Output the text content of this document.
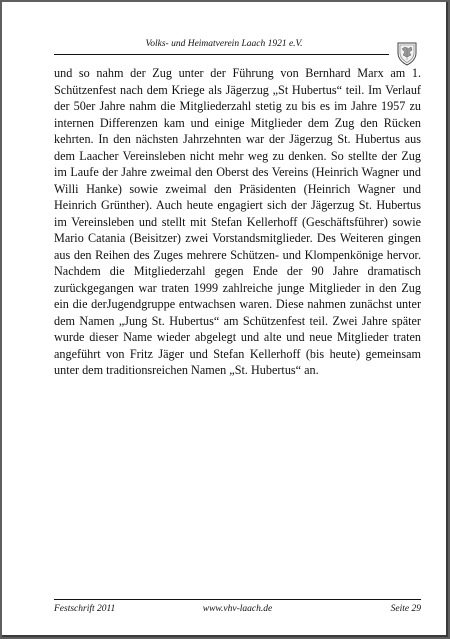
Volks- und Heimatverein Laach 1921 e.V.

und so nahm der Zug unter der Führung von Bernhard Marx am 1. Schützenfest nach dem Kriege als Jägerzug „St Hubertus“ teil. Im Verlauf der 50er Jahre nahm die Mitgliederzahl stetig zu bis es im Jahre 1957 zu internen Differenzen kam und einige Mitglieder dem Zug den Rücken kehrten. In den nächsten Jahrzehnten war der Jägerzug St. Hubertus aus dem Laacher Vereinsleben nicht mehr weg zu denken. So stellte der Zug im Laufe der Jahre zweimal den Oberst des Vereins (Heinrich Wagner und Willi Hanke) sowie zweimal den Präsidenten (Heinrich Wagner und Heinrich Grünther). Auch heute engagiert sich der Jägerzug St. Hubertus im Vereinsleben und stellt mit Stefan Kellerhoff (Geschäftsführer) sowie Mario Catania (Beisitzer) zwei Vorstandsmitglieder. Des Weiteren gingen aus den Reihen des Zuges mehrere Schützen- und Klompenkönige hervor. Nachdem die Mitgliederzahl gegen Ende der 90 Jahre dramatisch zurückgegangen war traten 1999 zahlreiche junge Mitglieder in den Zug ein die derJugendgruppe entwachsen waren. Diese nahmen zunächst unter dem Namen „Jung St. Hubertus“ am Schützenfest teil. Zwei Jahre später wurde dieser Name wieder abgelegt und alte und neue Mitglieder traten angeführt von Fritz Jäger und Stefan Kellerhoff (bis heute) gemeinsam unter dem traditionsreichen Namen „St. Hubertus“ an.

Festschrift 2011	www.vhv-laach.de	Seite 29
